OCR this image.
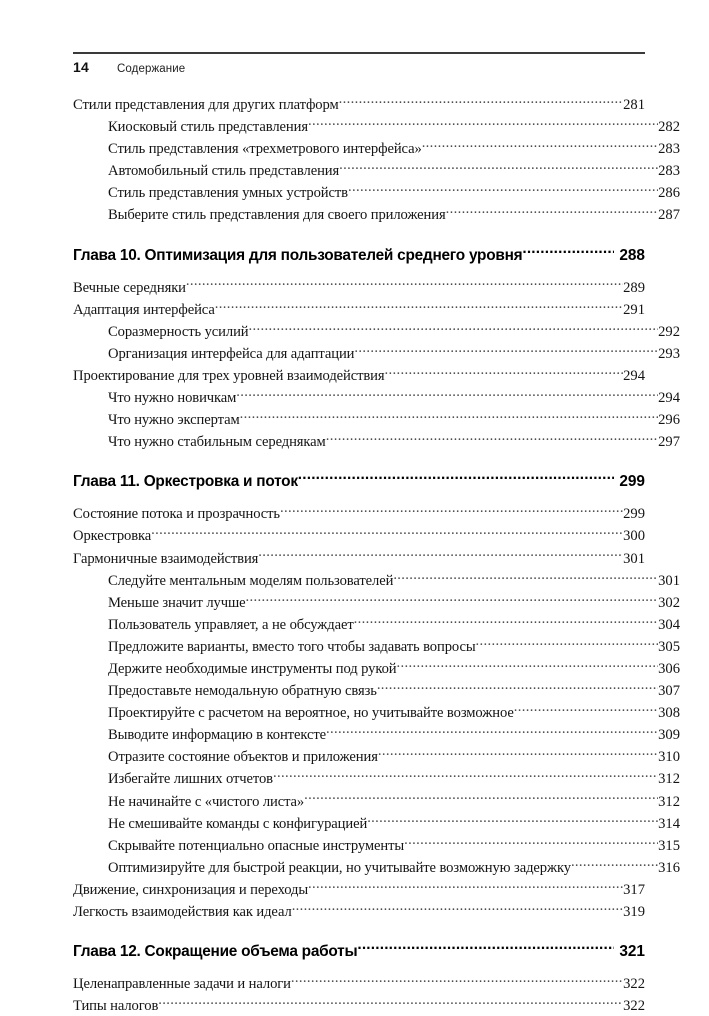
14	Содержание
Стили представления для других платформ .....	281
Киосковый стиль представления .....	282
Стиль представления «трехметрового интерфейса» .....	283
Автомобильный стиль представления .....	283
Стиль представления умных устройств .....	286
Выберите стиль представления для своего приложения .....	287
Глава 10. Оптимизация для пользователей среднего уровня .....	288
Вечные середняки .....	289
Адаптация интерфейса .....	291
Соразмерность усилий .....	292
Организация интерфейса для адаптации .....	293
Проектирование для трех уровней взаимодействия .....	294
Что нужно новичкам .....	294
Что нужно экспертам .....	296
Что нужно стабильным середнякам .....	297
Глава 11. Оркестровка и поток .....	299
Состояние потока и прозрачность .....	299
Оркестровка .....	300
Гармоничные взаимодействия .....	301
Следуйте ментальным моделям пользователей .....	301
Меньше значит лучше .....	302
Пользователь управляет, а не обсуждает .....	304
Предложите варианты, вместо того чтобы задавать вопросы .....	305
Держите необходимые инструменты под рукой .....	306
Предоставьте немодальную обратную связь .....	307
Проектируйте с расчетом на вероятное, но учитывайте возможное .....	308
Выводите информацию в контексте .....	309
Отразите состояние объектов и приложения .....	310
Избегайте лишних отчетов .....	312
Не начинайте с «чистого листа» .....	312
Не смешивайте команды с конфигурацией .....	314
Скрывайте потенциально опасные инструменты .....	315
Оптимизируйте для быстрой реакции, но учитывайте возможную задержку .....	316
Движение, синхронизация и переходы .....	317
Легкость взаимодействия как идеал .....	319
Глава 12. Сокращение объема работы .....	321
Целенаправленные задачи и налоги .....	322
Типы налогов .....	322
